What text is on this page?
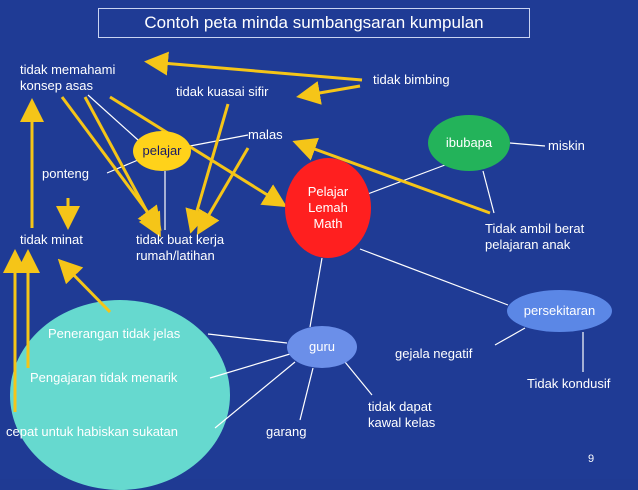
Contoh peta minda sumbangsaran kumpulan
pelajar
Pelajar
Lemah
Math
ibubapa
persekitaran
guru
tidak memahami
konsep asas	tidak kuasai sifir
tidak bimbing
malas
miskin
ponteng
tidak minat	tidak buat kerja
rumah/latihan
Tidak ambil berat
pelajaran anak
gejala negatif
Tidak kondusif
Penerangan tidak jelas
Pengajaran tidak menarik
cepat untuk habiskan sukatan	garang
tidak dapat
kawal kelas
9
